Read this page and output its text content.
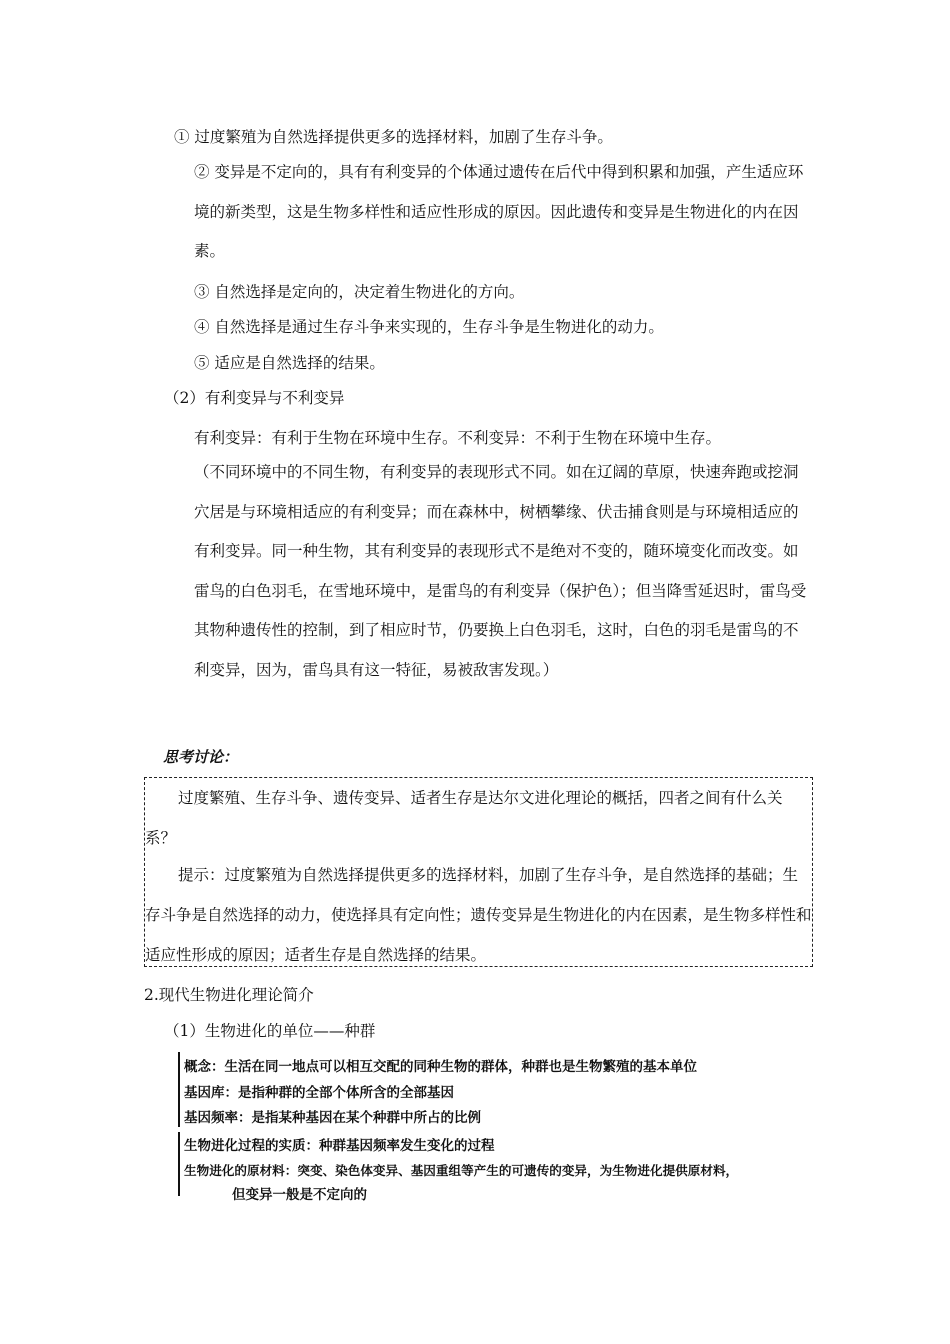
① 过度繁殖为自然选择提供更多的选择材料，加剧了生存斗争。
② 变异是不定向的，具有有利变异的个体通过遗传在后代中得到积累和加强，产生适应环境的新类型，这是生物多样性和适应性形成的原因。因此遗传和变异是生物进化的内在因素。
③ 自然选择是定向的，决定着生物进化的方向。
④ 自然选择是通过生存斗争来实现的，生存斗争是生物进化的动力。
⑤ 适应是自然选择的结果。
（2）有利变异与不利变异
有利变异：有利于生物在环境中生存。不利变异：不利于生物在环境中生存。
（不同环境中的不同生物，有利变异的表现形式不同。如在辽阔的草原，快速奔跑或挖洞穴居是与环境相适应的有利变异；而在森林中，树栖攀缘、伏击捕食则是与环境相适应的有利变异。同一种生物，其有利变异的表现形式不是绝对不变的，随环境变化而改变。如雷鸟的白色羽毛，在雪地环境中，是雷鸟的有利变异（保护色）；但当降雪延迟时，雷鸟受其物种遗传性的控制，到了相应时节，仍要换上白色羽毛，这时，白色的羽毛是雷鸟的不利变异，因为，雷鸟具有这一特征，易被敌害发现。）
思考讨论：

过度繁殖、生存斗争、遗传变异、适者生存是达尔文进化理论的概括，四者之间有什么关系？

提示：过度繁殖为自然选择提供更多的选择材料，加剧了生存斗争，是自然选择的基础；生存斗争是自然选择的动力，使选择具有定向性；遗传变异是生物进化的内在因素，是生物多样性和适应性形成的原因；适者生存是自然选择的结果。

2.现代生物进化理论简介
（1）生物进化的单位——种群
概念：生活在同一地点可以相互交配的同种生物的群体，种群也是生物繁殖的基本单位
基因库：是指种群的全部个体所含的全部基因
基因频率：是指某种基因在某个种群中所占的比例
生物进化过程的实质：种群基因频率发生变化的过程
生物进化的原材料：突变、染色体变异、基因重组等产生的可遗传的变异，为生物进化提供原材料，
但变异一般是不定向的
